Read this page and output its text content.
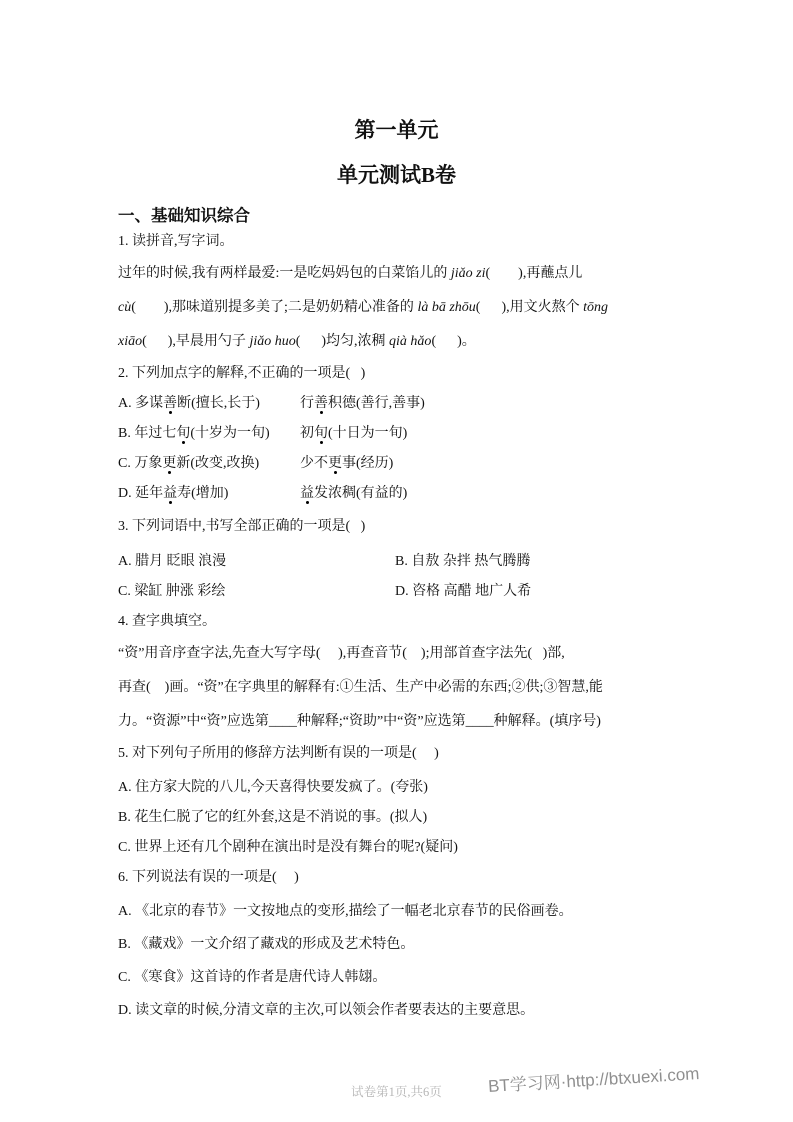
第一单元
单元测试B卷
一、基础知识综合
1. 读拼音,写字词。
过年的时候,我有两样最爱:一是吃妈妈包的白菜馅儿的 jiǎo zi(        ),再蘸点儿
cù(        ),那味道别提多美了;二是奶奶精心准备的 là bā zhōu(      ),用文火熬个 tōng
xiāo(      ),早晨用勺子 jiǎo huo(      )均匀,浓稠 qià hǎo(      )。
2. 下列加点字的解释,不正确的一项是(   )
A. 多谋善断(擅长,长于)	行善积德(善行,善事)
B. 年过七旬(十岁为一旬) 初旬(十日为一旬)
C. 万象更新(改变,改换)	少不更事(经历)
D. 延年益寿(增加)	益发浓稠(有益的)
3. 下列词语中,书写全部正确的一项是(   )
A. 腊月 眨眼 浪漫	B. 自敖 杂拌 热气腾腾
C. 梁缸 肿涨 彩绘	D. 咨格 高醋 地广人希
4. 查字典填空。
“资”用音序查字法,先查大写字母(     ),再查音节(    );用部首查字法先(   )部,
再查(    )画。“资”在字典里的解释有:①生活、生产中必需的东西;②供;③智慧,能
力。“资源”中“资”应选第____种解释;“资助”中“资”应选第____种解释。(填序号)
5. 对下列句子所用的修辞方法判断有误的一项是(     )
A. 住方家大院的八儿,今天喜得快要发疯了。(夸张)
B. 花生仁脱了它的红外套,这是不消说的事。(拟人)
C. 世界上还有几个剧种在演出时是没有舞台的呢?(疑问)
6. 下列说法有误的一项是(     )
A. 《北京的春节》一文按地点的变形,描绘了一幅老北京春节的民俗画卷。
B. 《藏戏》一文介绍了藏戏的形成及艺术特色。
C. 《寒食》这首诗的作者是唐代诗人韩翃。
D. 读文章的时候,分清文章的主次,可以领会作者要表达的主要意思。
试卷第1页,共6页	BT学习网·http://btxuexi.com
